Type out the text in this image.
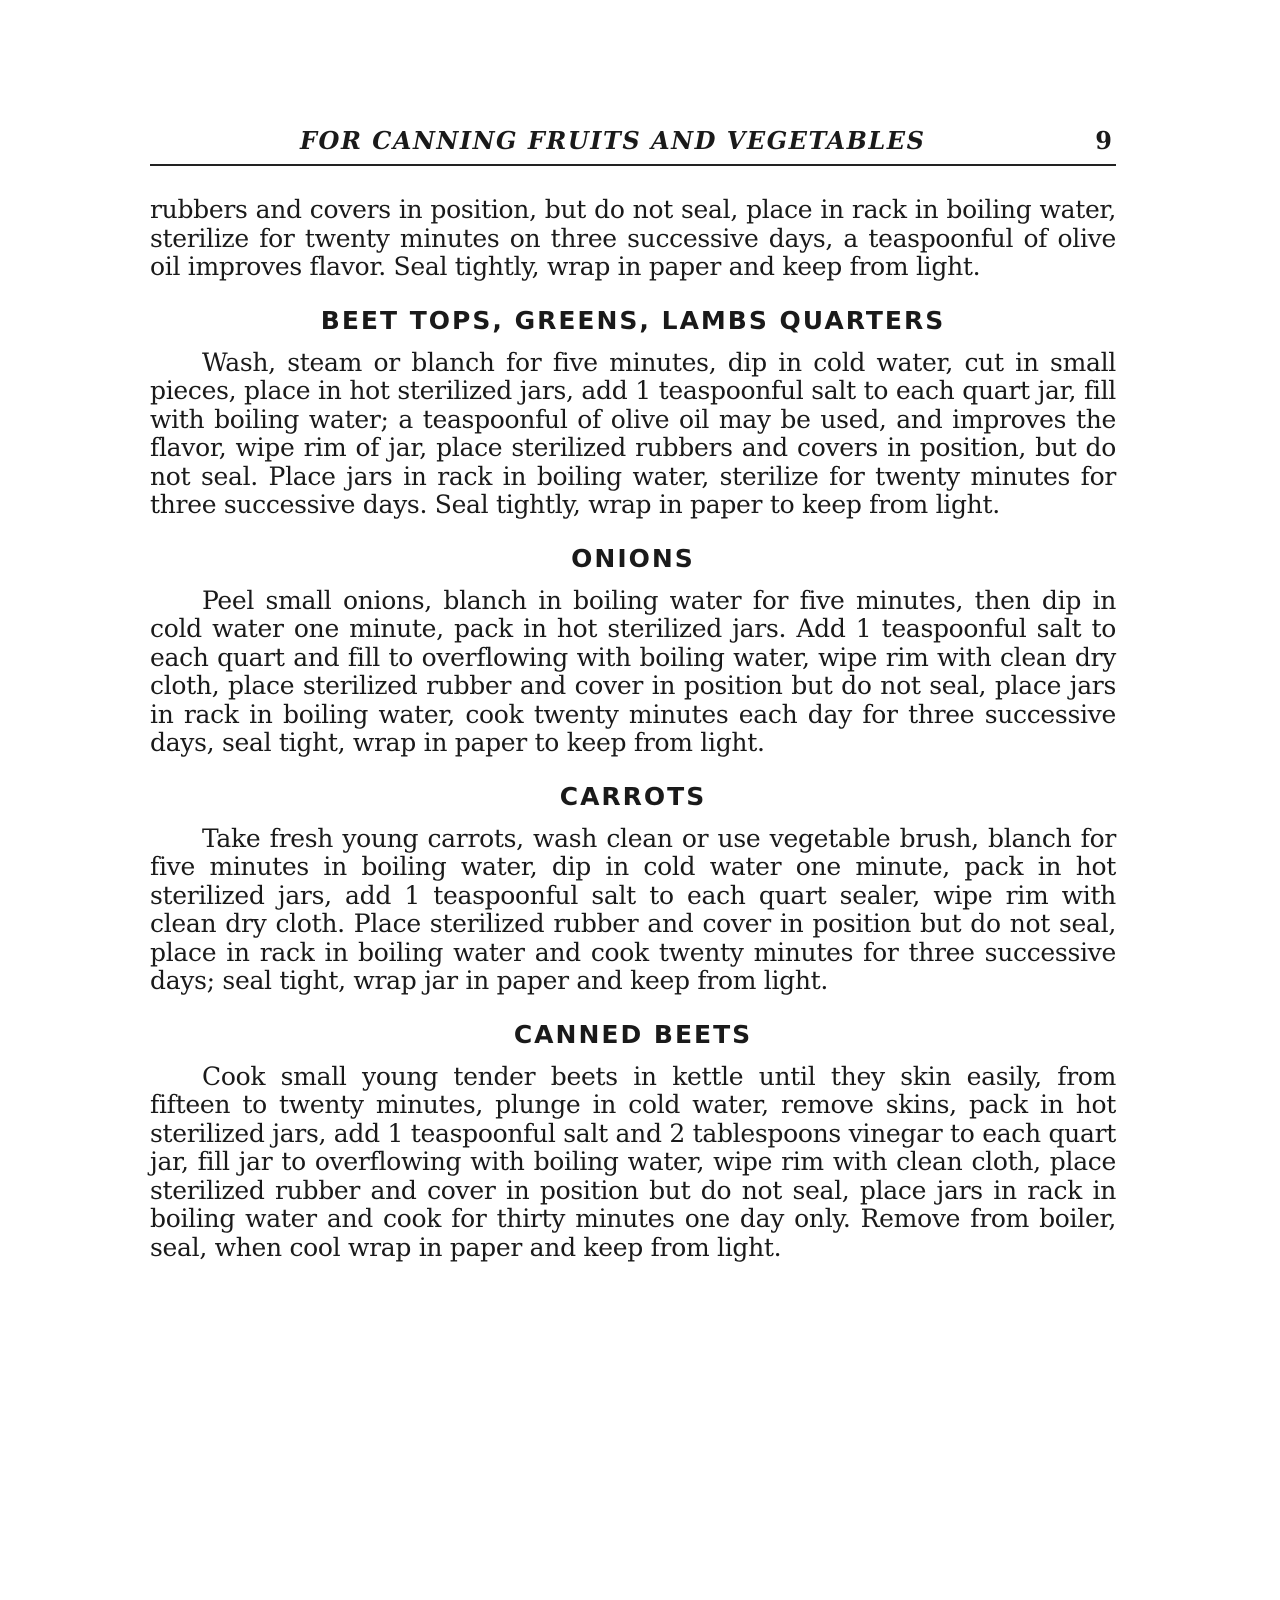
FOR CANNING FRUITS AND VEGETABLES	9

rubbers and covers in position, but do not seal, place in rack in boiling water, sterilize for twenty minutes on three successive days, a teaspoonful of olive oil improves flavor. Seal tightly, wrap in paper and keep from light.

BEET TOPS, GREENS, LAMBS QUARTERS

Wash, steam or blanch for five minutes, dip in cold water, cut in small pieces, place in hot sterilized jars, add 1 teaspoonful salt to each quart jar, fill with boiling water; a teaspoonful of olive oil may be used, and improves the flavor, wipe rim of jar, place sterilized rubbers and covers in position, but do not seal. Place jars in rack in boiling water, sterilize for twenty minutes for three successive days. Seal tightly, wrap in paper to keep from light.

ONIONS

Peel small onions, blanch in boiling water for five minutes, then dip in cold water one minute, pack in hot sterilized jars. Add 1 teaspoonful salt to each quart and fill to overflowing with boiling water, wipe rim with clean dry cloth, place sterilized rubber and cover in position but do not seal, place jars in rack in boiling water, cook twenty minutes each day for three successive days, seal tight, wrap in paper to keep from light.

CARROTS

Take fresh young carrots, wash clean or use vegetable brush, blanch for five minutes in boiling water, dip in cold water one minute, pack in hot sterilized jars, add 1 teaspoonful salt to each quart sealer, wipe rim with clean dry cloth. Place sterilized rubber and cover in position but do not seal, place in rack in boiling water and cook twenty minutes for three successive days; seal tight, wrap jar in paper and keep from light.

CANNED BEETS

Cook small young tender beets in kettle until they skin easily, from fifteen to twenty minutes, plunge in cold water, remove skins, pack in hot sterilized jars, add 1 teaspoonful salt and 2 tablespoons vinegar to each quart jar, fill jar to overflowing with boiling water, wipe rim with clean cloth, place sterilized rubber and cover in position but do not seal, place jars in rack in boiling water and cook for thirty minutes one day only. Remove from boiler, seal, when cool wrap in paper and keep from light.
